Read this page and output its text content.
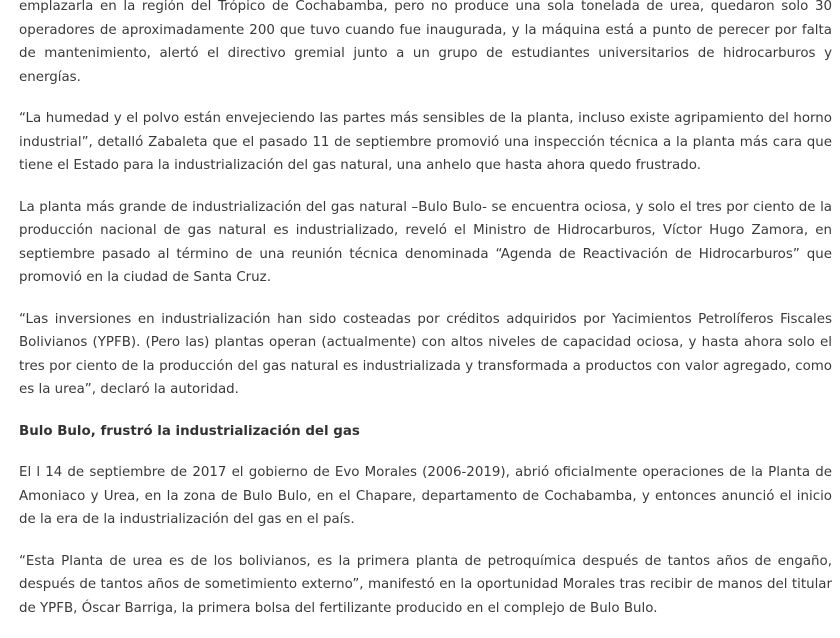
emplazarla en la región del Trópico de Cochabamba, pero no produce una sola tonelada de urea, quedaron solo 30 operadores de aproximadamente 200 que tuvo cuando fue inaugurada, y la máquina está a punto de perecer por falta de mantenimiento, alertó el directivo gremial junto a un grupo de estudiantes universitarios de hidrocarburos y energías.

“La humedad y el polvo están envejeciendo las partes más sensibles de la planta, incluso existe agripamiento del horno industrial”, detalló Zabaleta que el pasado 11 de septiembre promovió una inspección técnica a la planta más cara que tiene el Estado para la industrialización del gas natural, una anhelo que hasta ahora quedo frustrado.

La planta más grande de industrialización del gas natural –Bulo Bulo- se encuentra ociosa, y solo el tres por ciento de la producción nacional de gas natural es industrializado, reveló el Ministro de Hidrocarburos, Víctor Hugo Zamora, en septiembre pasado al término de una reunión técnica denominada “Agenda de Reactivación de Hidrocarburos” que promovió en la ciudad de Santa Cruz.

“Las inversiones en industrialización han sido costeadas por créditos adquiridos por Yacimientos Petrolíferos Fiscales Bolivianos (YPFB). (Pero las) plantas operan (actualmente) con altos niveles de capacidad ociosa, y hasta ahora solo el tres por ciento de la producción del gas natural es industrializada y transformada a productos con valor agregado, como es la urea”, declaró la autoridad.

Bulo Bulo, frustró la industrialización del gas

El l 14 de septiembre de 2017 el gobierno de Evo Morales (2006-2019), abrió oficialmente operaciones de la Planta de Amoniaco y Urea, en la zona de Bulo Bulo, en el Chapare, departamento de Cochabamba, y entonces anunció el inicio de la era de la industrialización del gas en el país.

“Esta Planta de urea es de los bolivianos, es la primera planta de petroquímica después de tantos años de engaño, después de tantos años de sometimiento externo”, manifestó en la oportunidad Morales tras recibir de manos del titular de YPFB, Óscar Barriga, la primera bolsa del fertilizante producido en el complejo de Bulo Bulo.
